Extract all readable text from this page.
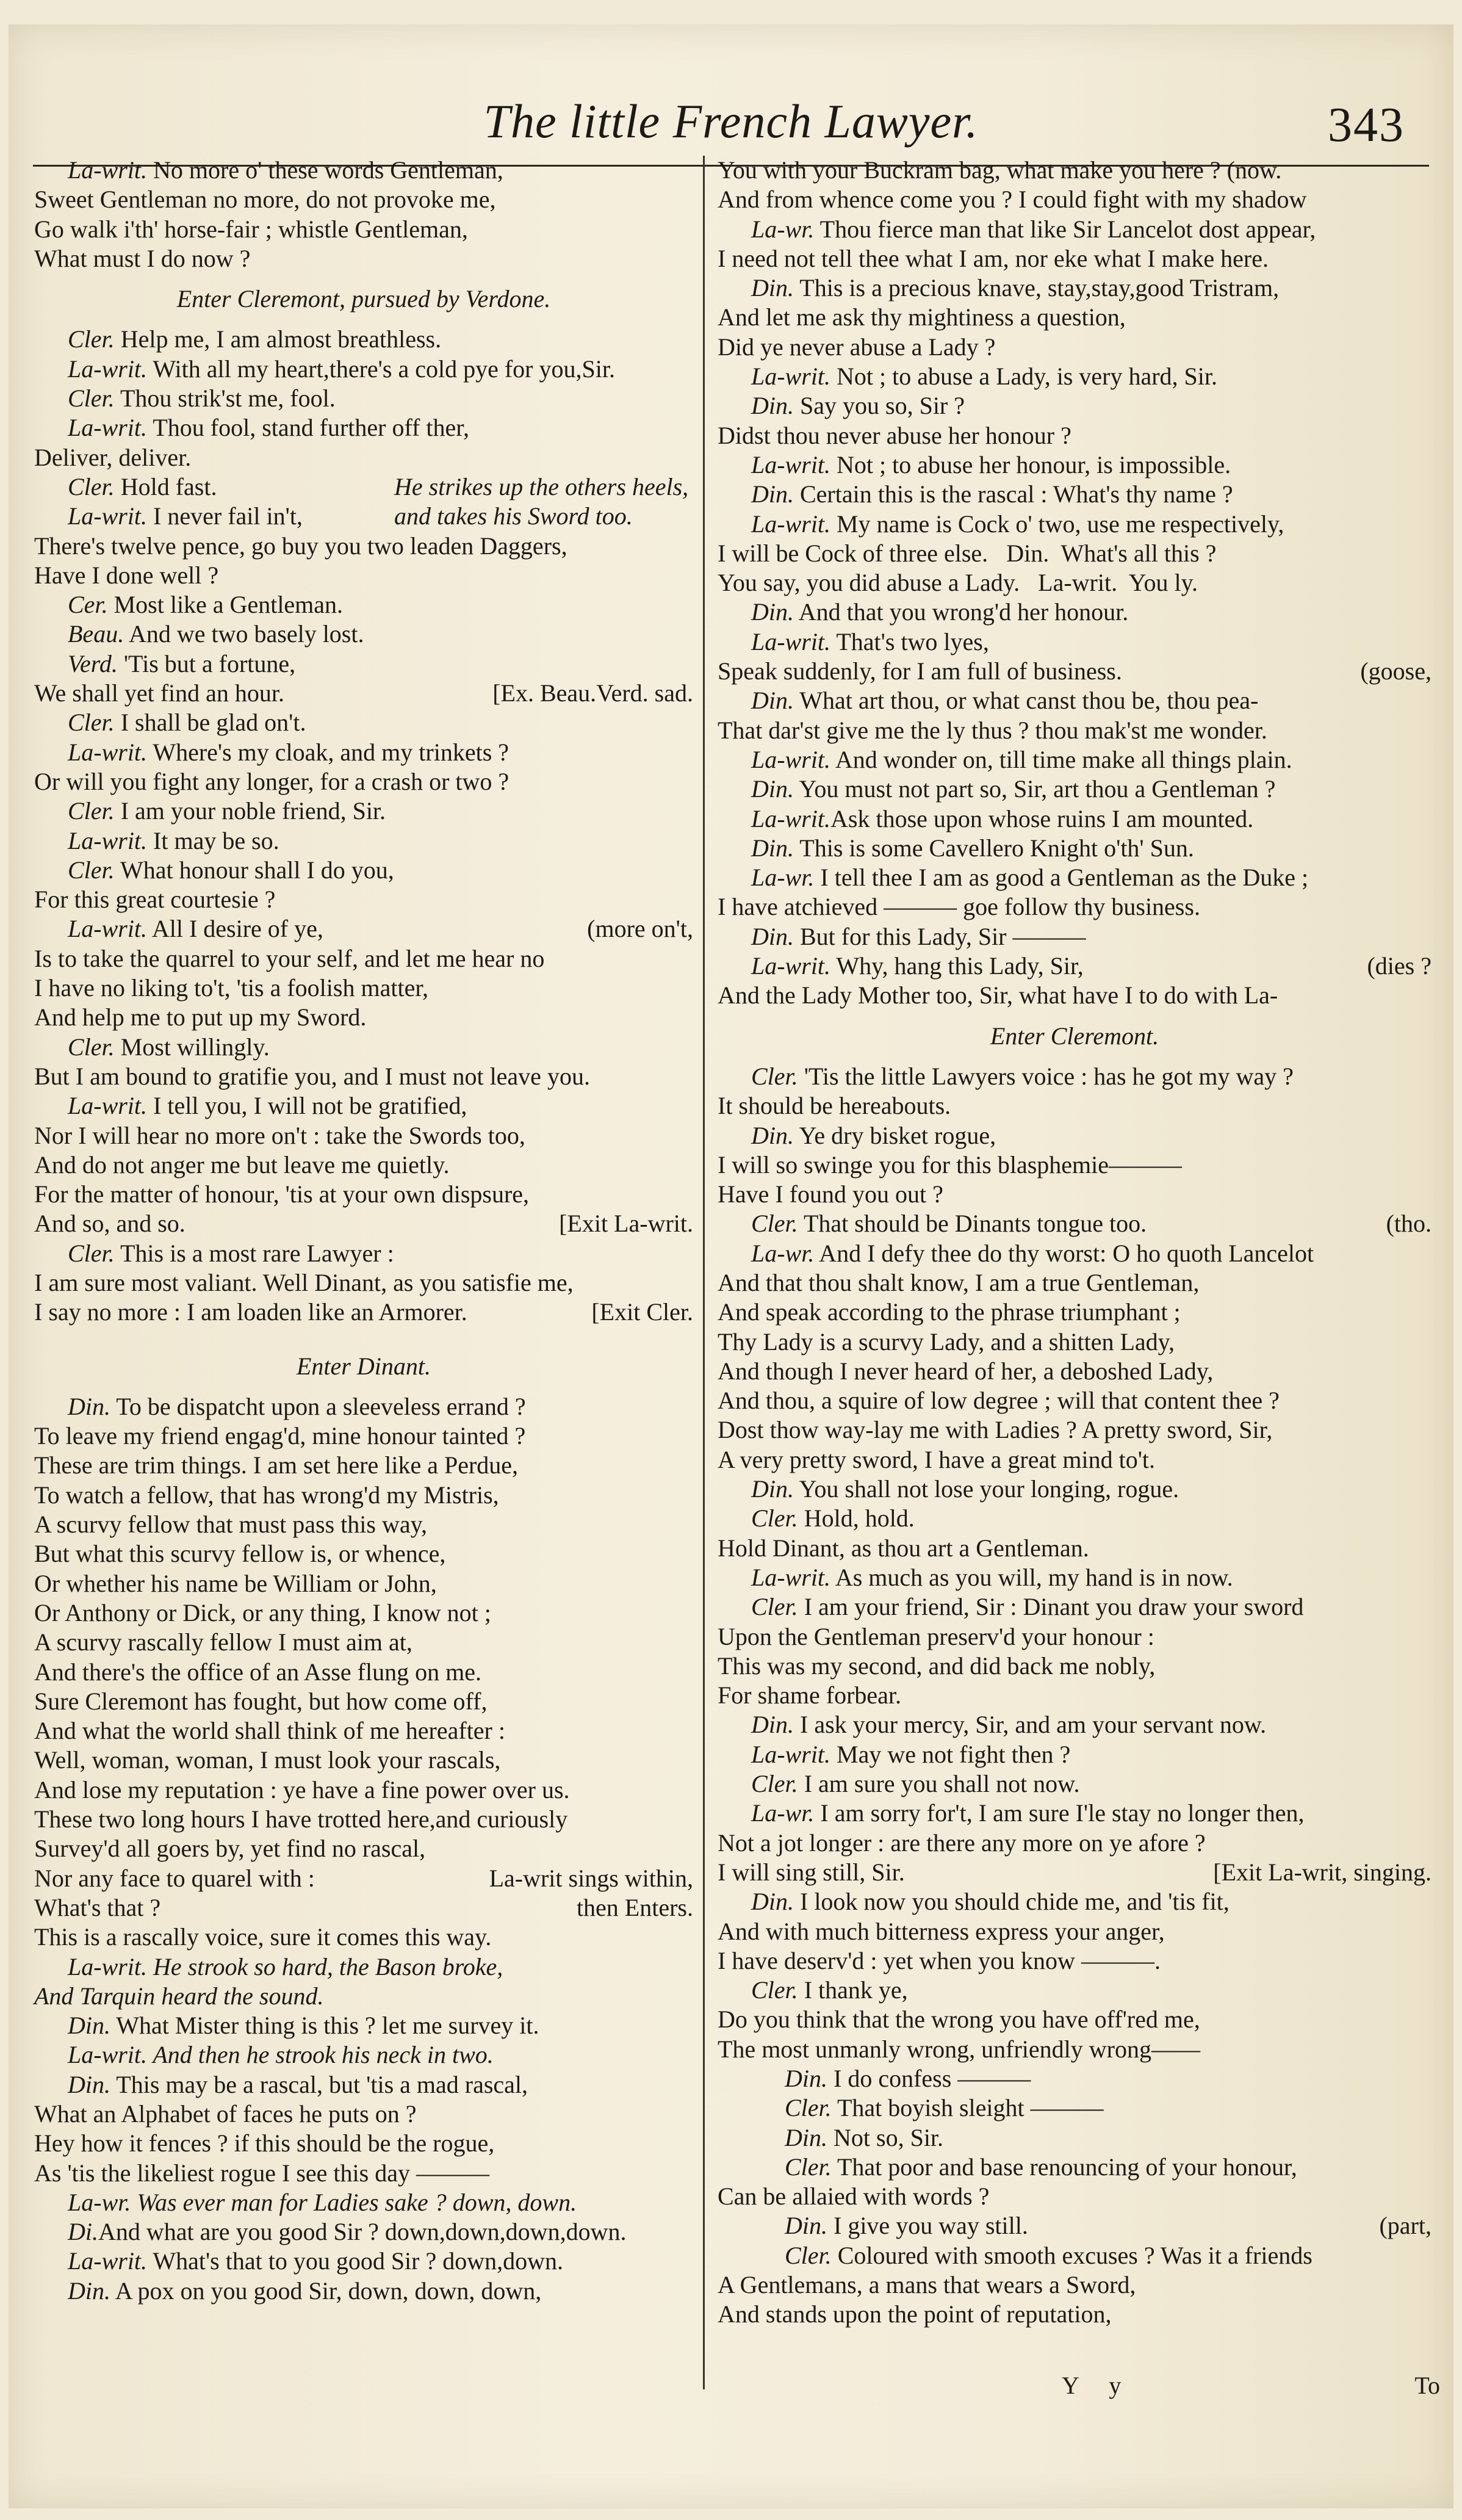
The little French Lawyer.	343
La-writ. No more o' these words Gentleman,
Sweet Gentleman no more, do not provoke me,
Go walk i'th' horse-fair ; whistle Gentleman,
What must I do now ?
Enter Cleremont, pursued by Verdone.
Cler. Help me, I am almost breathless.
La-writ. With all my heart,there's a cold pye for you,Sir.
Cler. Thou strik'st me, fool.
La-writ. Thou fool, stand further off ther,
Deliver, deliver.
Cler. Hold fast.	He strikes up the others heels,
La-writ. I never fail in't,	and takes his Sword too.
There's twelve pence, go buy you two leaden Daggers,
Have I done well ?
Cer. Most like a Gentleman.
Beau. And we two basely lost.
Verd. 'Tis but a fortune,
We shall yet find an hour.	[Ex. Beau.Verd. sad.
Cler. I shall be glad on't.
La-writ. Where's my cloak, and my trinkets ?
Or will you fight any longer, for a crash or two ?
Cler. I am your noble friend, Sir.
La-writ. It may be so.
Cler. What honour shall I do you,
For this great courtesie ?
La-writ. All I desire of ye,	(more on't,
Is to take the quarrel to your self, and let me hear no
I have no liking to't, 'tis a foolish matter,
And help me to put up my Sword.
Cler. Most willingly.
But I am bound to gratifie you, and I must not leave you.
La-writ. I tell you, I will not be gratified,
Nor I will hear no more on't : take the Swords too,
And do not anger me but leave me quietly.
For the matter of honour, 'tis at your own dispsure,
And so, and so.	[Exit La-writ.
Cler. This is a most rare Lawyer :
I am sure most valiant. Well Dinant, as you satisfie me,
I say no more : I am loaden like an Armorer.	[Exit Cler.
Enter Dinant.
Din. To be dispatcht upon a sleeveless errand ?
To leave my friend engag'd, mine honour tainted ?
These are trim things. I am set here like a Perdue,
To watch a fellow, that has wrong'd my Mistris,
A scurvy fellow that must pass this way,
But what this scurvy fellow is, or whence,
Or whether his name be William or John,
Or Anthony or Dick, or any thing, I know not ;
A scurvy rascally fellow I must aim at,
And there's the office of an Asse flung on me.
Sure Cleremont has fought, but how come off,
And what the world shall think of me hereafter :
Well, woman, woman, I must look your rascals,
And lose my reputation : ye have a fine power over us.
These two long hours I have trotted here,and curiously
Survey'd all goers by, yet find no rascal,
Nor any face to quarel with :	La-writ sings within,
What's that ?	then Enters.
This is a rascally voice, sure it comes this way.
La-writ. He strook so hard, the Bason broke,
And Tarquin heard the sound.
Din. What Mister thing is this ? let me survey it.
La-writ. And then he strook his neck in two.
Din. This may be a rascal, but 'tis a mad rascal,
What an Alphabet of faces he puts on ?
Hey how it fences ? if this should be the rogue,
As 'tis the likeliest rogue I see this day ———
La-wr. Was ever man for Ladies sake ? down, down.
Di.And what are you good Sir ? down,down,down,down.
La-writ. What's that to you good Sir ? down,down.
Din. A pox on you good Sir, down, down, down,
You with your Buckram bag, what make you here ? (now.
And from whence come you ? I could fight with my shadow
La-wr. Thou fierce man that like Sir Lancelot dost appear,
I need not tell thee what I am, nor eke what I make here.
Din. This is a precious knave, stay,stay,good Tristram,
And let me ask thy mightiness a question,
Did ye never abuse a Lady ?
La-writ. Not ; to abuse a Lady, is very hard, Sir.
Din. Say you so, Sir ?
Didst thou never abuse her honour ?
La-writ. Not ; to abuse her honour, is impossible.
Din. Certain this is the rascal : What's thy name ?
La-writ. My name is Cock o' two, use me respectively,
I will be Cock of three else.   Din.  What's all this ?
You say, you did abuse a Lady.   La-writ.  You ly.
Din. And that you wrong'd her honour.
La-writ. That's two lyes,
Speak suddenly, for I am full of business.	(goose,
Din. What art thou, or what canst thou be, thou pea-
That dar'st give me the ly thus ? thou mak'st me wonder.
La-writ. And wonder on, till time make all things plain.
Din. You must not part so, Sir, art thou a Gentleman ?
La-writ.Ask those upon whose ruins I am mounted.
Din. This is some Cavellero Knight o'th' Sun.
La-wr. I tell thee I am as good a Gentleman as the Duke ;
I have atchieved ——— goe follow thy business.
Din. But for this Lady, Sir ———
La-writ. Why, hang this Lady, Sir,	(dies ?
And the Lady Mother too, Sir, what have I to do with La-
Enter Cleremont.
Cler. 'Tis the little Lawyers voice : has he got my way ?
It should be hereabouts.
Din. Ye dry bisket rogue,
I will so swinge you for this blasphemie———
Have I found you out ?
Cler. That should be Dinants tongue too.	(tho.
La-wr. And I defy thee do thy worst: O ho quoth Lancelot
And that thou shalt know, I am a true Gentleman,
And speak according to the phrase triumphant ;
Thy Lady is a scurvy Lady, and a shitten Lady,
And though I never heard of her, a deboshed Lady,
And thou, a squire of low degree ; will that content thee ?
Dost thow way-lay me with Ladies ? A pretty sword, Sir,
A very pretty sword, I have a great mind to't.
Din. You shall not lose your longing, rogue.
Cler. Hold, hold.
Hold Dinant, as thou art a Gentleman.
La-writ. As much as you will, my hand is in now.
Cler. I am your friend, Sir : Dinant you draw your sword
Upon the Gentleman preserv'd your honour :
This was my second, and did back me nobly,
For shame forbear.
Din. I ask your mercy, Sir, and am your servant now.
La-writ. May we not fight then ?
Cler. I am sure you shall not now.
La-wr. I am sorry for't, I am sure I'le stay no longer then,
Not a jot longer : are there any more on ye afore ?
I will sing still, Sir.	[Exit La-writ, singing.
Din. I look now you should chide me, and 'tis fit,
And with much bitterness express your anger,
I have deserv'd : yet when you know ———.
Cler. I thank ye,
Do you think that the wrong you have off'red me,
The most unmanly wrong, unfriendly wrong——
Din. I do confess ———
Cler. That boyish sleight ———
Din. Not so, Sir.
Cler. That poor and base renouncing of your honour,
Can be allaied with words ?
Din. I give you way still.	(part,
Cler. Coloured with smooth excuses ? Was it a friends
A Gentlemans, a mans that wears a Sword,
And stands upon the point of reputation,
Y y	To
